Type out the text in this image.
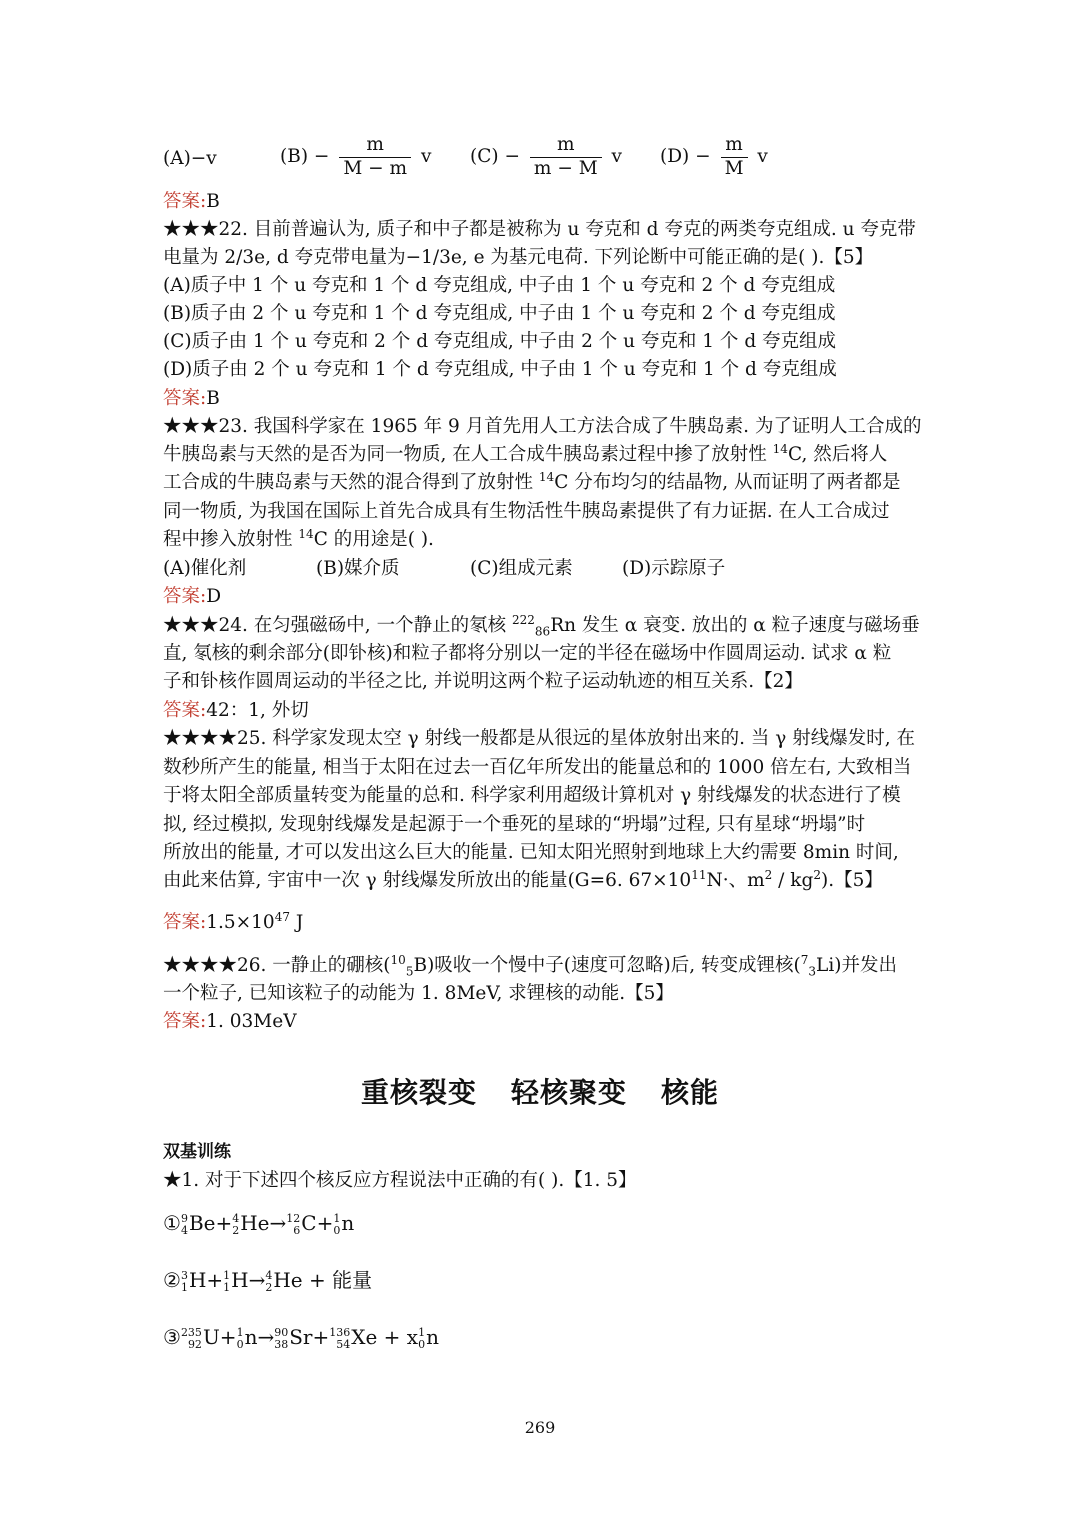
(A)−v	$(B) - \frac{m}{M - m}$ v $(C) - \frac{m}{m - M}$ v $(D) - \frac{m}{M}$ v
答案:B
★★★22. 目前普遍认为, 质子和中子都是被称为 u 夸克和 d 夸克的两类夸克组成. u 夸克带
电量为 2/3e, d 夸克带电量为−1/3e, e 为基元电荷. 下列论断中可能正确的是( ).【5】
(A)质子中 1 个 u 夸克和 1 个 d 夸克组成, 中子由 1 个 u 夸克和 2 个 d 夸克组成
(B)质子由 2 个 u 夸克和 1 个 d 夸克组成, 中子由 1 个 u 夸克和 2 个 d 夸克组成
(C)质子由 1 个 u 夸克和 2 个 d 夸克组成, 中子由 2 个 u 夸克和 1 个 d 夸克组成
(D)质子由 2 个 u 夸克和 1 个 d 夸克组成, 中子由 1 个 u 夸克和 1 个 d 夸克组成
答案:B
★★★23. 我国科学家在 1965 年 9 月首先用人工方法合成了牛胰岛素. 为了证明人工合成的
牛胰岛素与天然的是否为同一物质, 在人工合成牛胰岛素过程中掺了放射性 $^{14}$C, 然后将人
工合成的牛胰岛素与天然的混合得到了放射性 $^{14}$C 分布均匀的结晶物, 从而证明了两者都是
同一物质, 为我国在国际上首先合成具有生物活性牛胰岛素提供了有力证据. 在人工合成过
程中掺入放射性 $^{14}$C 的用途是( ).
(A)催化剂	(B)媒介质	(C)组成元素	(D)示踪原子
答案:D
★★★24. 在匀强磁砀中, 一个静止的氡核 $^{222}_{86}$Rn 发生 α 衰变. 放出的 α 粒子速度与磁场垂
直, 氡核的剩余部分(即钋核)和粒子都将分别以一定的半径在磁场中作圆周运动. 试求 α 粒
子和钋核作圆周运动的半径之比, 并说明这两个粒子运动轨迹的相互关系.【2】
答案:42：1, 外切
★★★★25. 科学家发现太空 γ 射线一般都是从很远的星体放射出来的. 当 γ 射线爆发时, 在
数秒所产生的能量, 相当于太阳在过去一百亿年所发出的能量总和的 1000 倍左右, 大致相当
于将太阳全部质量转变为能量的总和. 科学家利用超级计算机对 γ 射线爆发的状态进行了模
拟, 经过模拟, 发现射线爆发是起源于一个垂死的星球的“坍塌”过程, 只有星球“坍塌”时
所放出的能量, 才可以发出这么巨大的能量. 已知太阳光照射到地球上大约需要 8min 时间,
由此来估算, 宇宙中一次 γ 射线爆发所放出的能量(G=6. $67\times 10^{11}N\cdot$、$m^2 / kg^2$).【5】
答案$:1.5\times 10^{47}$ J
★★★★26. 一静止的硼核($^{10}_5$B)吸收一个慢中子(速度可忽略)后, 转变成锂核($^7_3$Li)并发出
一个粒子, 已知该粒子的动能为 1. 8MeV, 求锂核的动能.【5】
答案:1. 03MeV
重核裂变 轻核聚变 核能
双基训练
★1. 对于下述四个核反应方程说法中正确的有( ).【1. 5】
① 9
4 Be+ 4
2 He→ 12
6 C+ 1
0 n
② 3
1 H+ 1
1 H→ 4
2 He + 能量
③ 235
92 U+ 1
0 n→ 90
38 Sr+ 136
54 Xe + x 1
0 n
269
